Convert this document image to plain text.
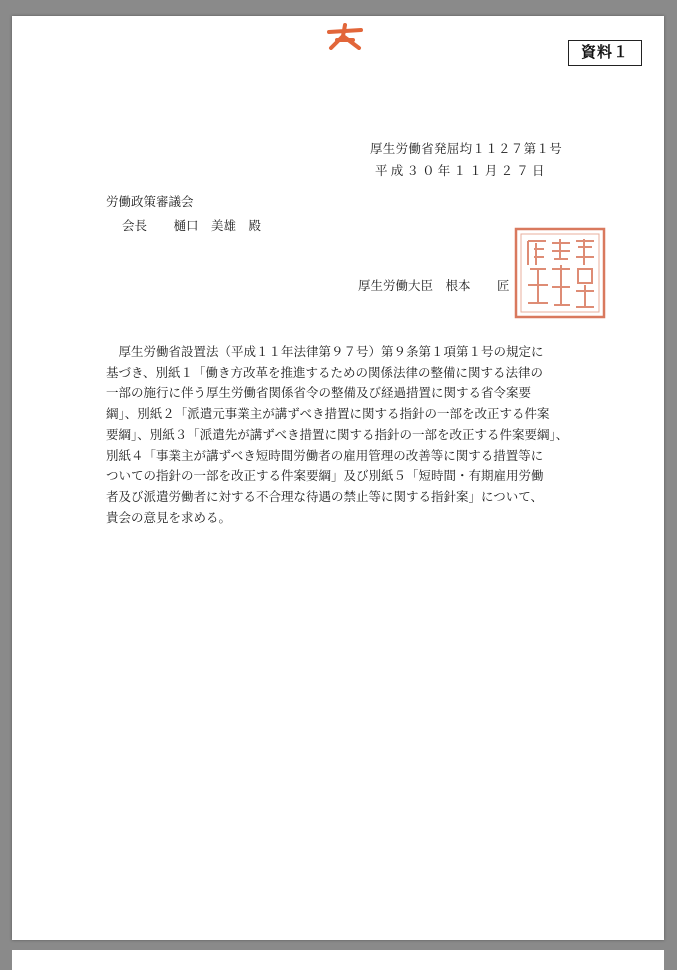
資料１
厚生労働省発屈均１１２７第１号
平成３０年１１月２７日
労働政策審議会
会長　 樋口　美雄　殿
厚生労働大臣　根本　 匠

　厚生労働省設置法（平成１１年法律第９７号）第９条第１項第１号の規定に
基づき、別紙１「働き方改革を推進するための関係法律の整備に関する法律の
一部の施行に伴う厚生労働省関係省令の整備及び経過措置に関する省令案要
綱」、別紙２「派遣元事業主が講ずべき措置に関する指針の一部を改正する件案
要綱」、別紙３「派遣先が講ずべき措置に関する指針の一部を改正する件案要綱」、
別紙４「事業主が講ずべき短時間労働者の雇用管理の改善等に関する措置等に
ついての指針の一部を改正する件案要綱」及び別紙５「短時間・有期雇用労働
者及び派遣労働者に対する不合理な待遇の禁止等に関する指針案」について、
貴会の意見を求める。
